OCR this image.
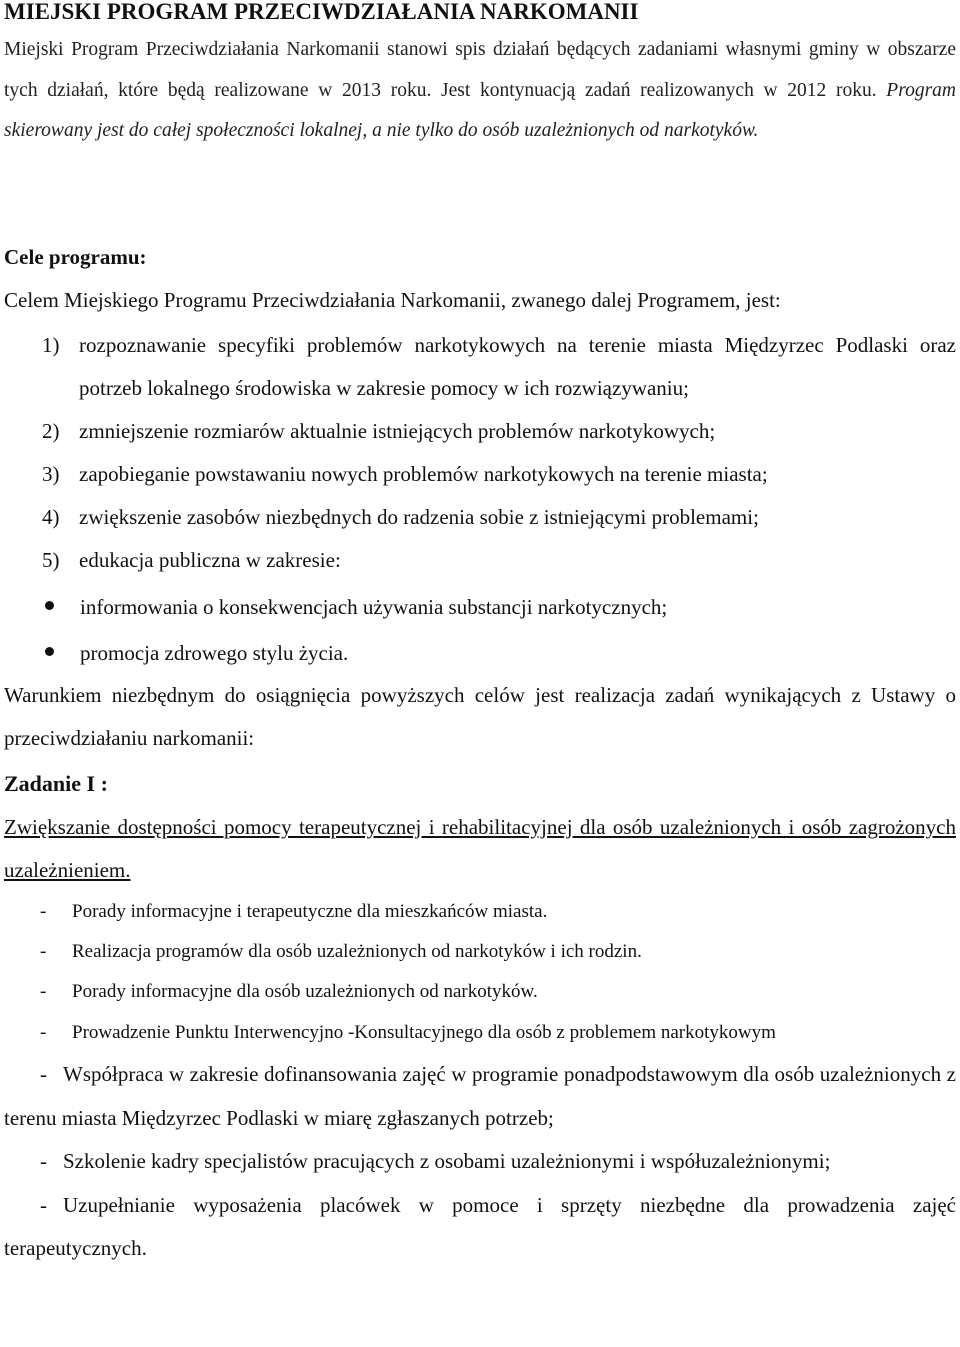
MIEJSKI PROGRAM PRZECIWDZIAŁANIA NARKOMANII

Miejski Program Przeciwdziałania Narkomanii stanowi spis działań będących zadaniami własnymi gminy w obszarze tych działań, które będą realizowane w 2013 roku. Jest kontynuacją zadań realizowanych w 2012 roku. Program skierowany jest do całej społeczności lokalnej, a nie tylko do osób uzależnionych od narkotyków.

Cele programu:

Celem Miejskiego Programu Przeciwdziałania Narkomanii, zwanego dalej Programem, jest:

1) rozpoznawanie specyfiki problemów narkotykowych na terenie miasta Międzyrzec Podlaski oraz potrzeb lokalnego środowiska w zakresie pomocy w ich rozwiązywaniu;
2) zmniejszenie rozmiarów aktualnie istniejących problemów narkotykowych;
3) zapobieganie powstawaniu nowych problemów narkotykowych na terenie miasta;
4) zwiększenie zasobów niezbędnych do radzenia sobie z istniejącymi problemami;
5) edukacja publiczna w zakresie:
informowania o konsekwencjach używania substancji narkotycznych;
promocja zdrowego stylu życia.

Warunkiem niezbędnym do osiągnięcia powyższych celów jest realizacja zadań wynikających z Ustawy o przeciwdziałaniu narkomanii:

Zadanie I :

Zwiększanie dostępności pomocy terapeutycznej i rehabilitacyjnej dla osób uzależnionych i osób zagrożonych uzależnieniem.

- Porady informacyjne i terapeutyczne dla mieszkańców miasta.
- Realizacja programów dla osób uzależnionych od narkotyków i ich rodzin.
- Porady informacyjne dla osób uzależnionych od narkotyków.
- Prowadzenie Punktu Interwencyjno -Konsultacyjnego dla osób z problemem narkotykowym
- Współpraca w zakresie dofinansowania zajęć w programie ponadpodstawowym dla osób uzależnionych z terenu miasta Międzyrzec Podlaski w miarę zgłaszanych potrzeb;
- Szkolenie kadry specjalistów pracujących z osobami uzależnionymi i współuzależnionymi;
- Uzupełnianie wyposażenia placówek w pomoce i sprzęty niezbędne dla prowadzenia zajęć terapeutycznych.
